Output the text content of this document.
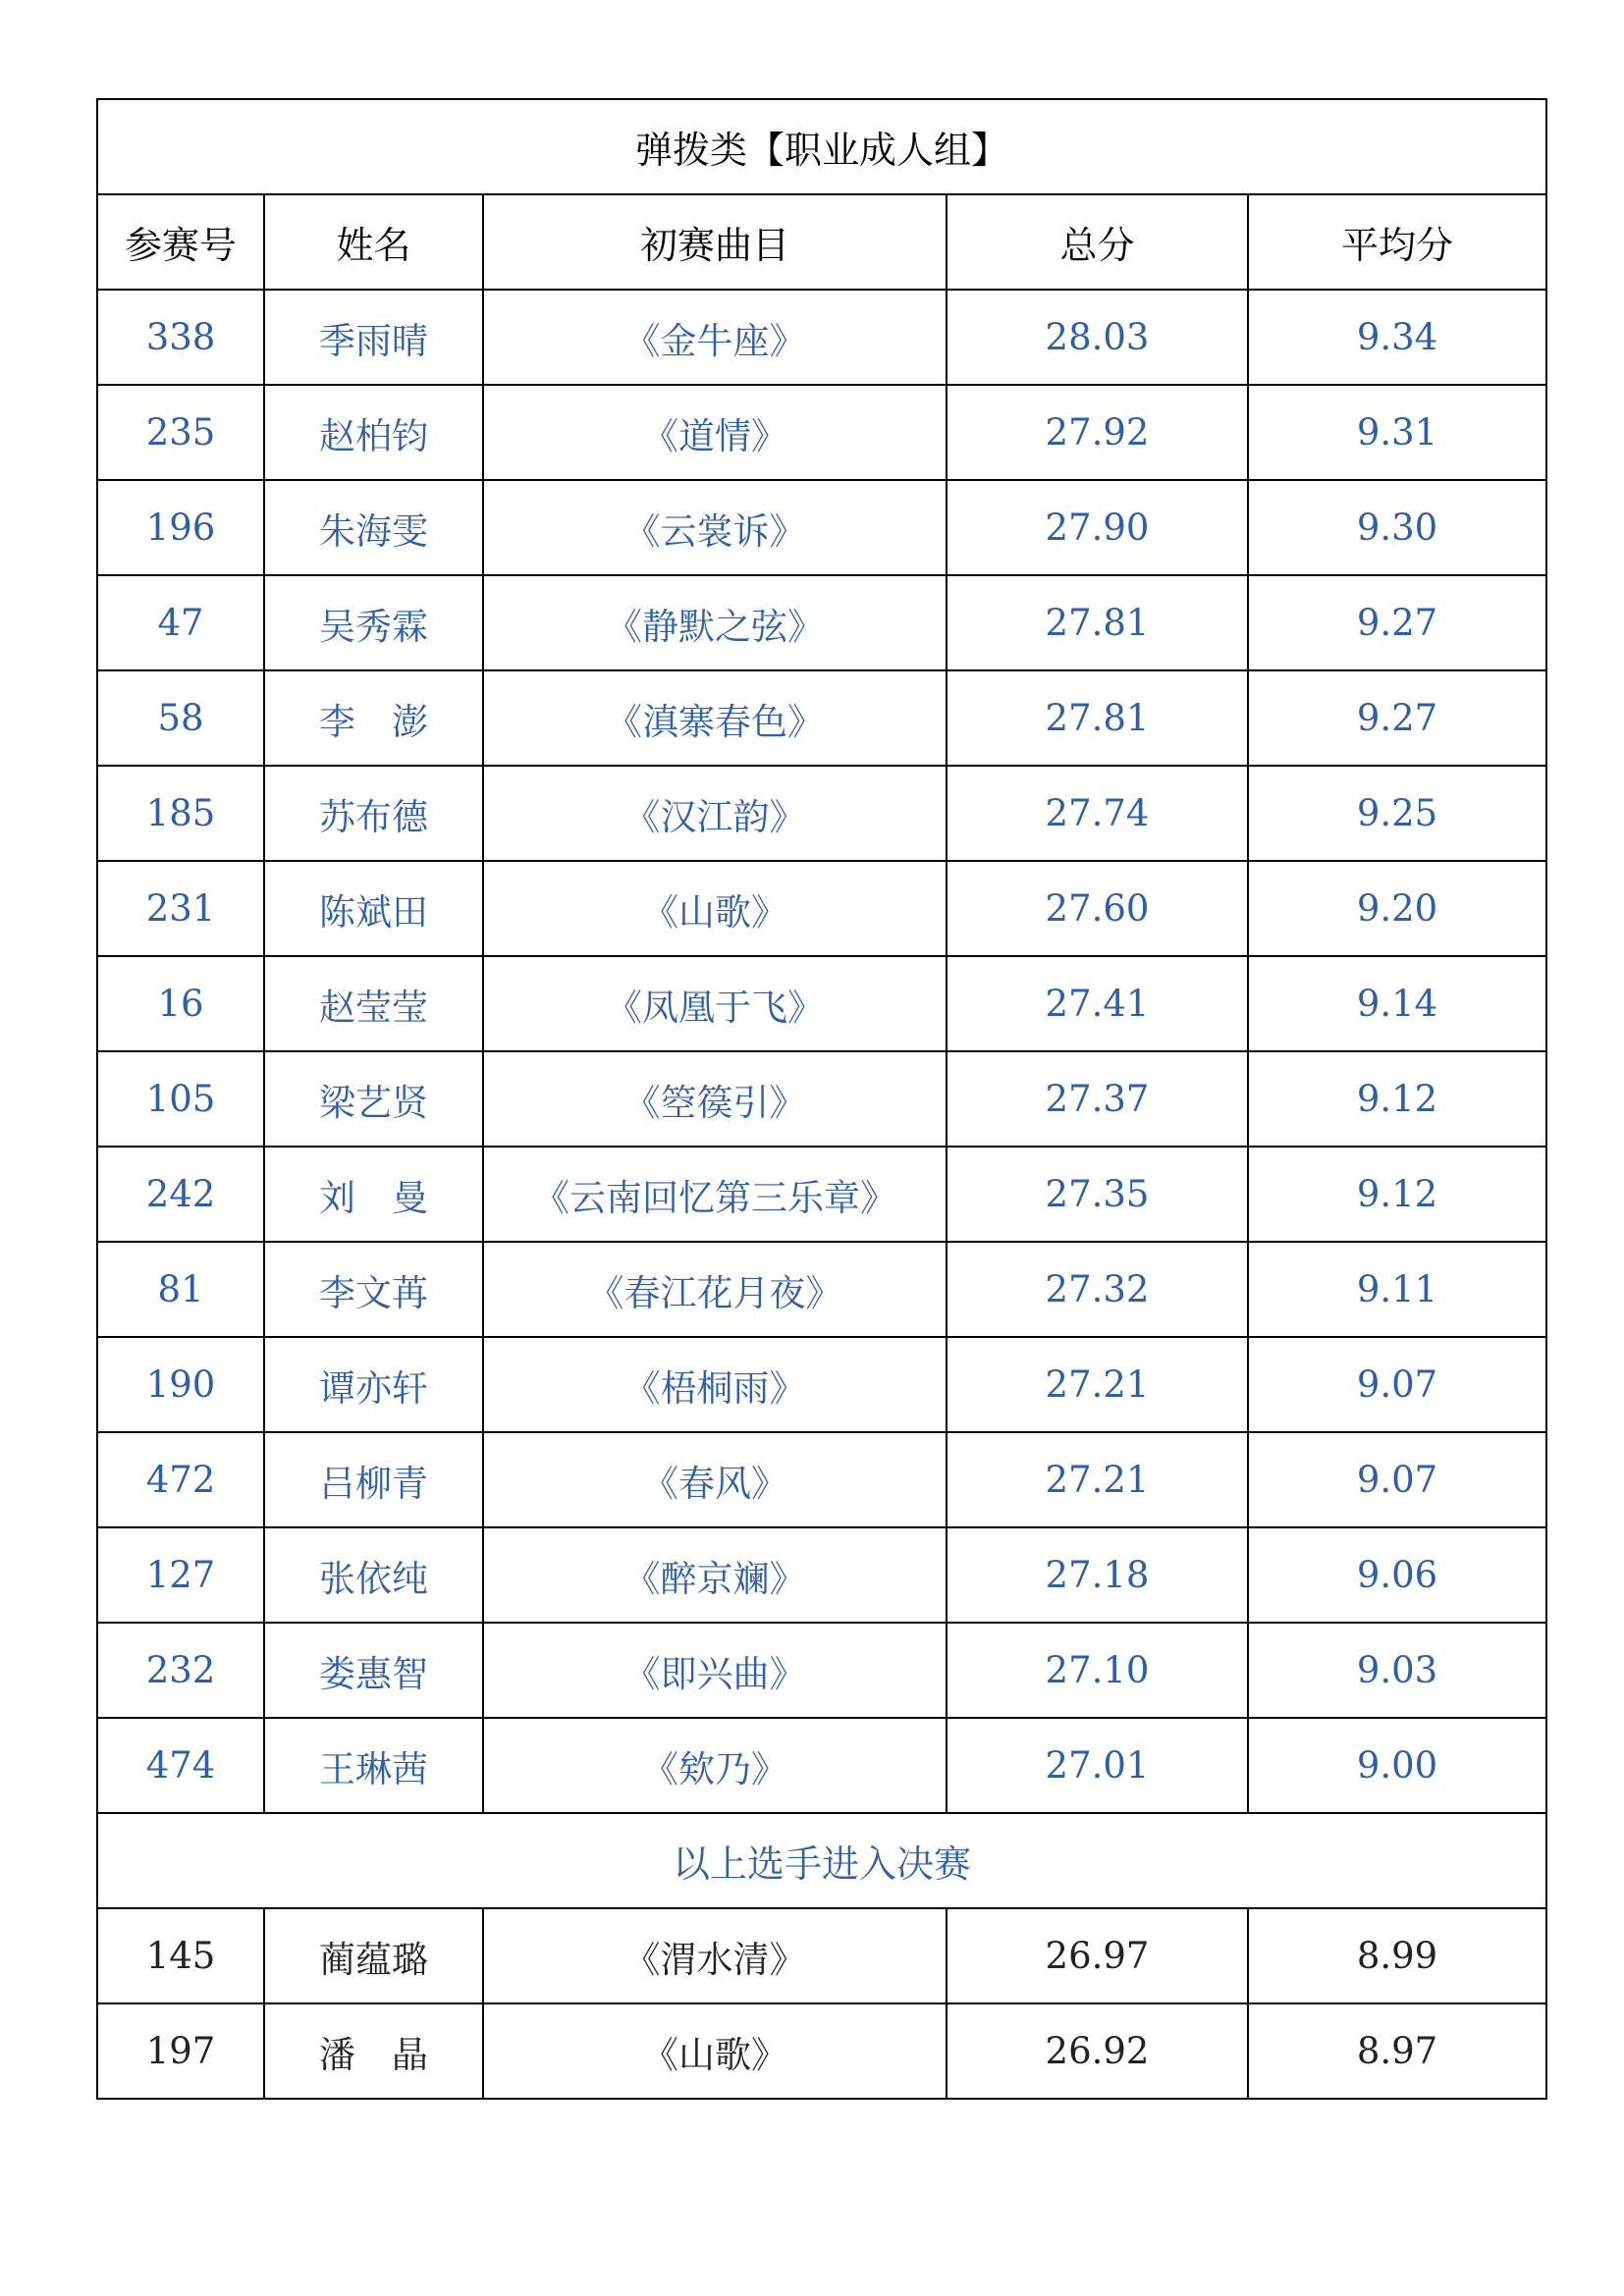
弹拨类【职业成人组】				
参赛号	姓名	初赛曲目	总分	平均分
338	季雨晴	《金牛座》	28.03	9.34
235	赵柏钧	《道情》	27.92	9.31
196	朱海雯	《云裳诉》	27.90	9.30
47	吴秀霖	《静默之弦》	27.81	9.27
58	李　澎	《滇寨春色》	27.81	9.27
185	苏布德	《汉江韵》	27.74	9.25
231	陈斌田	《山歌》	27.60	9.20
16	赵莹莹	《凤凰于飞》	27.41	9.14
105	梁艺贤	《箜篌引》	27.37	9.12
242	刘　曼	《云南回忆第三乐章》	27.35	9.12
81	李文苒	《春江花月夜》	27.32	9.11
190	谭亦轩	《梧桐雨》	27.21	9.07
472	吕柳青	《春风》	27.21	9.07
127	张依纯	《醉京斓》	27.18	9.06
232	娄惠智	《即兴曲》	27.10	9.03
474	王琳茜	《欸乃》	27.01	9.00
以上选手进入决赛				
145	蔺蕴璐	《渭水清》	26.97	8.99
197	潘　晶	《山歌》	26.92	8.97
